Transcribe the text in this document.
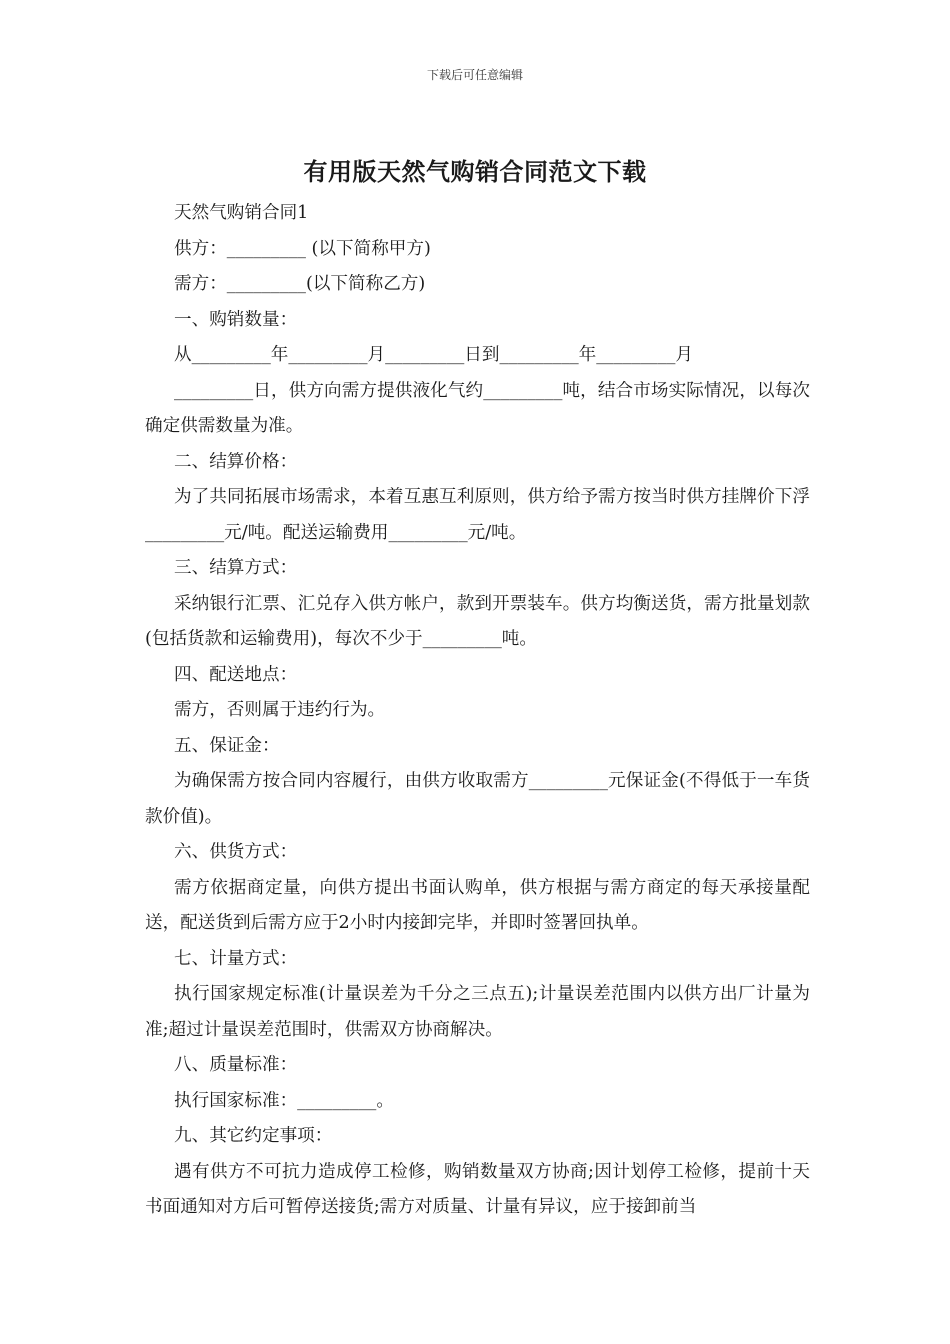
下载后可任意编辑
有用版天然气购销合同范文下载

天然气购销合同1

供方：_________ (以下简称甲方)

需方：_________(以下简称乙方)

一、购销数量：

从_________年_________月_________日到_________年_________月

_________日，供方向需方提供液化气约_________吨，结合市场实际情况，以每次确定供需数量为准。

二、结算价格：

为了共同拓展市场需求，本着互惠互利原则，供方给予需方按当时供方挂牌价下浮_________元/吨。配送运输费用_________元/吨。

三、结算方式：

采纳银行汇票、汇兑存入供方帐户，款到开票装车。供方均衡送货，需方批量划款(包括货款和运输费用)，每次不少于_________吨。

四、配送地点：

需方，否则属于违约行为。

五、保证金：

为确保需方按合同内容履行，由供方收取需方_________元保证金(不得低于一车货款价值)。

六、供货方式：

需方依据商定量，向供方提出书面认购单，供方根据与需方商定的每天承接量配送，配送货到后需方应于2小时内接卸完毕，并即时签署回执单。

七、计量方式：

执行国家规定标准(计量误差为千分之三点五);计量误差范围内以供方出厂计量为准;超过计量误差范围时，供需双方协商解决。

八、质量标准：

执行国家标准：_________。

九、其它约定事项：

遇有供方不可抗力造成停工检修，购销数量双方协商;因计划停工检修，提前十天书面通知对方后可暂停送接货;需方对质量、计量有异议，应于接卸前当
